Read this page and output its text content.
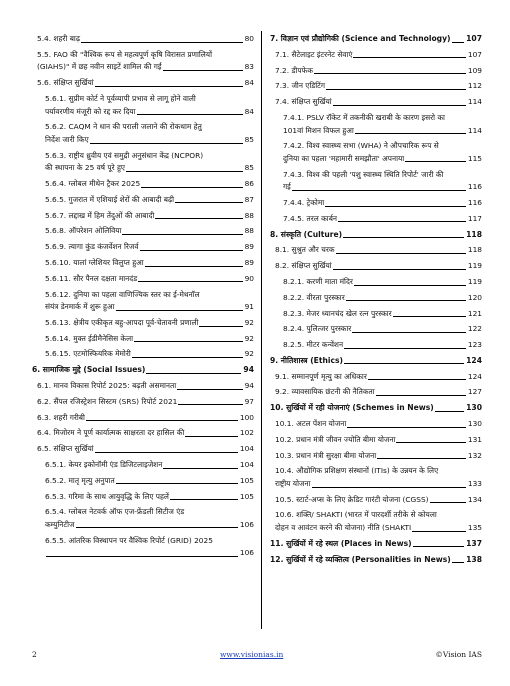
5.4. शहरी बाढ़	80
5.5. FAO की "वैश्विक रूप से महत्वपूर्ण कृषि विरासत प्रणालियों
(GIAHS)" में छह नवीन साइटें शामिल की गईं	83
5.6. संक्षिप्त सुर्खियां	84
5.6.1. सुप्रीम कोर्ट ने पूर्वव्यापी प्रभाव से लागू होने वाली
पर्यावरणीय मंजूरी को रद्द कर दिया	84
5.6.2. CAQM ने धान की पराली जलाने की रोकथाम हेतु
निर्देश जारी किए	85
5.6.3. राष्ट्रीय ध्रुवीय एवं समुद्री अनुसंधान केंद्र (NCPOR)
की स्थापना के 25 वर्ष पूरे हुए	85
5.6.4. ग्लोबल मीथेन ट्रैकर 2025	86
5.6.5. गुजरात में एशियाई शेरों की आबादी बढ़ी	87
5.6.7. लद्दाख में हिम तेंदुओं की आबादी	88
5.6.8. ऑपरेशन ओलिविया	88
5.6.9. त्यागा कुंड कंजर्वेशन रिजर्व	89
5.6.10. यालां ग्लेशियर विलुप्त हुआ	89
5.6.11. सौर पैनल दक्षता मानदंड	90
5.6.12. दुनिया का पहला वाणिज्यिक स्तर का ई-मेथनॉल
संयंत्र डेनमार्क में शुरू हुआ	91
5.6.13. क्षेत्रीय एकीकृत बहु-आपदा पूर्व-चेतावनी प्रणाली	92
5.6.14. मुक्त ईडीमैनेसिस केला	92
5.6.15. एटमोस्फियरिक मेमोरी	92
6. सामाजिक मुद्दे (Social Issues)	94
6.1. मानव विकास रिपोर्ट 2025: बढ़ती असमानता	94
6.2. सैंपल रजिस्ट्रेशन सिस्टम (SRS) रिपोर्ट 2021	97
6.3. शहरी गरीबी	100
6.4. मिजोरम ने पूर्ण कार्यात्मक साक्षरता दर हासिल की	102
6.5. संक्षिप्त सुर्खियां	104
6.5.1. केयर इकोनॉमी एंड डिजिटलाइजेशन	104
6.5.2. मातृ मृत्यु अनुपात	105
6.5.3. गरिमा के साथ आयुवृद्धि के लिए पहलें	105
6.5.4. ग्लोबल नेटवर्क ऑफ एज-फ्रेंडली सिटीज एंड
कम्युनिटीज	106
6.5.5. आंतरिक विस्थापन पर वैश्विक रिपोर्ट (GRID) 2025
106
7. विज्ञान एवं प्रौद्योगिकी (Science and Technology) 107
7.1. सैटेलाइट इंटरनेट सेवाएं	107
7.2. डीपफेक	109
7.3. जीन एडिटिंग	112
7.4. संक्षिप्त सुर्खियां	114
7.4.1. PSLV रॉकेट में तकनीकी खराबी के कारण इसरो का
101वां मिशन विफल हुआ	114
7.4.2. विश्व स्वास्थ्य सभा (WHA) ने औपचारिक रूप से
दुनिया का पहला 'महामारी समझौता' अपनाया	115
7.4.3. विश्व की पहली 'पशु स्वास्थ्य स्थिति रिपोर्ट' जारी की
गई	116
7.4.4. ट्रेकोमा	116
7.4.5. तरल कार्बन	117
8. संस्कृति (Culture)	118
8.1. सुश्रुत और चरक	118
8.2. संक्षिप्त सुर्खियां	119
8.2.1. करणी माता मंदिर	119
8.2.2. वीरता पुरस्कार	120
8.2.3. मेजर ध्यानचंद खेल रत्न पुरस्कार	121
8.2.4. पुलित्जर पुरस्कार	122
8.2.5. मीटर कन्वेंशन	123
9. नीतिशास्त्र (Ethics)	124
9.1. सम्मानपूर्ण मृत्यु का अधिकार	124
9.2. व्यावसायिक छंटनी की नैतिकता	127
10. सुर्खियों में रही योजनाएं (Schemes in News)	130
10.1. अटल पेंशन योजना	130
10.2. प्रधान मंत्री जीवन ज्योति बीमा योजना	131
10.3. प्रधान मंत्री सुरक्षा बीमा योजना	132
10.4. औद्योगिक प्रशिक्षण संस्थानों (ITIs) के उन्नयन के लिए
राष्ट्रीय योजना	133
10.5. स्टार्ट-अप्स के लिए क्रेडिट गारंटी योजना (CGSS)	134
10.6. शक्ति/ SHAKTI (भारत में पारदर्शी तरीके से कोयला
दोहन व आवंटन करने की योजना) नीति (SHAKTI	135
11. सुर्खियों में रहे स्थल (Places in News)	137
12. सुर्खियों में रहे व्यक्तित्व (Personalities in News) 138
2	www.visionias.in	©Vision IAS
